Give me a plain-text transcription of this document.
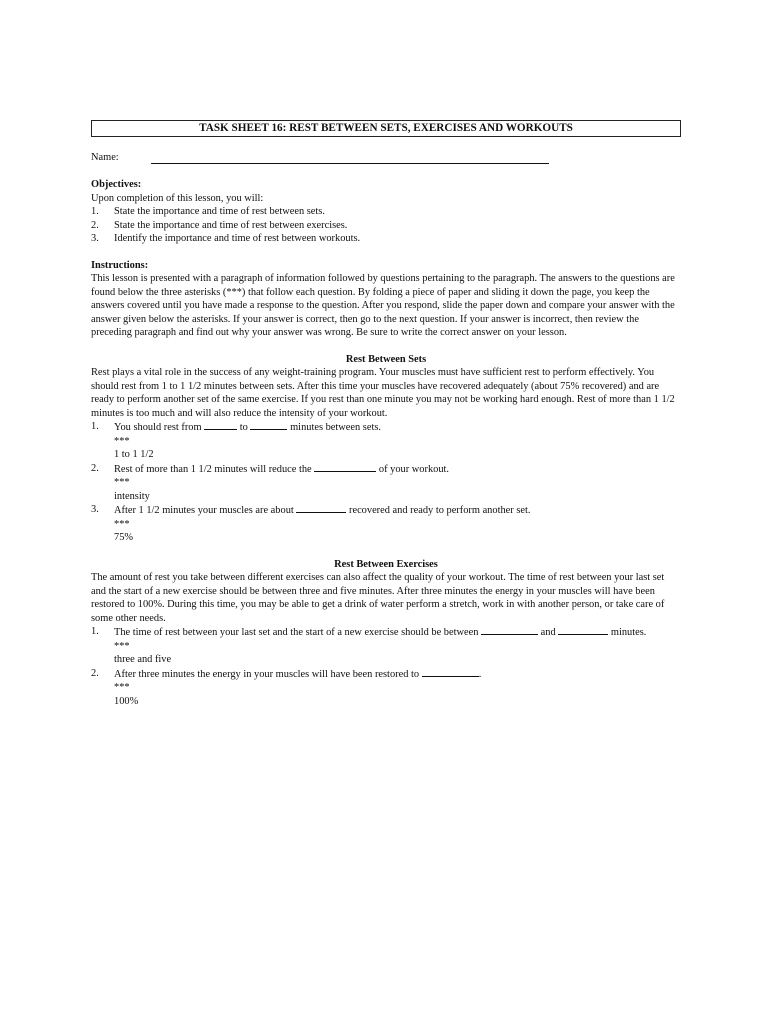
TASK SHEET 16: REST BETWEEN SETS, EXERCISES AND WORKOUTS
Name:

Objectives:

Upon completion of this lesson, you will:

1.	State the importance and time of rest between sets.
2.	State the importance and time of rest between exercises.
3.	Identify the importance and time of rest between workouts.

Instructions:

This lesson is presented with a paragraph of information followed by questions pertaining to the paragraph. The answers to the questions are found below the three asterisks (***) that follow each question. By folding a piece of paper and sliding it down the page, you keep the answers covered until you have made a response to the question. After you respond, slide the paper down and compare your answer with the answer given below the asterisks. If your answer is correct, then go to the next question. If your answer is incorrect, then review the preceding paragraph and find out why your answer was wrong. Be sure to write the correct answer on your lesson.

Rest Between Sets

Rest plays a vital role in the success of any weight-training program. Your muscles must have sufficient rest to perform effectively. You should rest from 1 to 1 1/2 minutes between sets. After this time your muscles have recovered adequately (about 75% recovered) and are ready to perform another set of the same exercise. If you rest than one minute you may not be working hard enough. Rest of more than 1 1/2 minutes is too much and will also reduce the intensity of your workout.

1.	You should rest from	to	minutes between sets.

***

1 to 1 1/2

2.	Rest of more than 1 1/2 minutes will reduce the	of your workout.

***

intensity

3.	After 1 1/2 minutes your muscles are about	recovered and ready to perform another set.

***

75%

Rest Between Exercises

The amount of rest you take between different exercises can also affect the quality of your workout. The time of rest between your last set and the start of a new exercise should be between three and five minutes. After three minutes the energy in your muscles will have been restored to 100%. During this time, you may be able to get a drink of water perform a stretch, work in with another person, or take care of some other needs.

1.	The time of rest between your last set and the start of a new exercise should be between	and	minutes.

***

three and five

2.	After three minutes the energy in your muscles will have been restored to	.

***

100%
